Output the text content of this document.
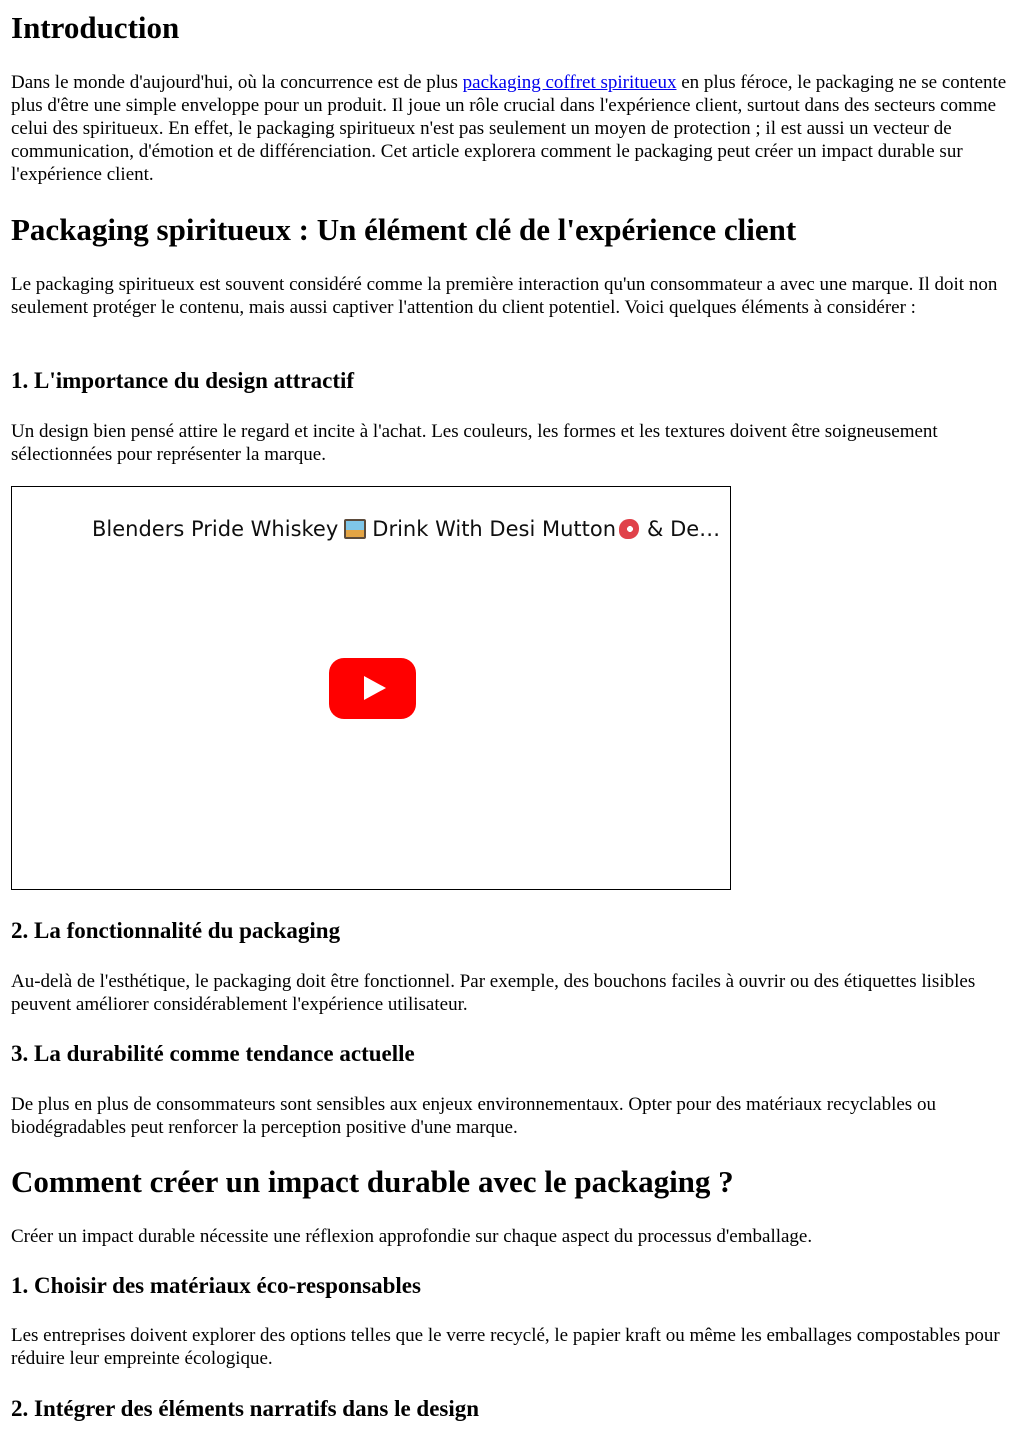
Introduction

Dans le monde d'aujourd'hui, où la concurrence est de plus packaging coffret spiritueux en plus féroce, le packaging ne se contente plus d'être une simple enveloppe pour un produit. Il joue un rôle crucial dans l'expérience client, surtout dans des secteurs comme celui des spiritueux. En effet, le packaging spiritueux n'est pas seulement un moyen de protection ; il est aussi un vecteur de communication, d'émotion et de différenciation. Cet article explorera comment le packaging peut créer un impact durable sur l'expérience client.

Packaging spiritueux : Un élément clé de l'expérience client

Le packaging spiritueux est souvent considéré comme la première interaction qu'un consommateur a avec une marque. Il doit non seulement protéger le contenu, mais aussi captiver l'attention du client potentiel. Voici quelques éléments à considérer :

1. L'importance du design attractif

Un design bien pensé attire le regard et incite à l'achat. Les couleurs, les formes et les textures doivent être soigneusement sélectionnées pour représenter la marque.

Blenders Pride Whiskey Drink With Desi Mutton & De…
2. La fonctionnalité du packaging

Au-delà de l'esthétique, le packaging doit être fonctionnel. Par exemple, des bouchons faciles à ouvrir ou des étiquettes lisibles peuvent améliorer considérablement l'expérience utilisateur.

3. La durabilité comme tendance actuelle

De plus en plus de consommateurs sont sensibles aux enjeux environnementaux. Opter pour des matériaux recyclables ou biodégradables peut renforcer la perception positive d'une marque.

Comment créer un impact durable avec le packaging ?

Créer un impact durable nécessite une réflexion approfondie sur chaque aspect du processus d'emballage.

1. Choisir des matériaux éco-responsables

Les entreprises doivent explorer des options telles que le verre recyclé, le papier kraft ou même les emballages compostables pour réduire leur empreinte écologique.

2. Intégrer des éléments narratifs dans le design
